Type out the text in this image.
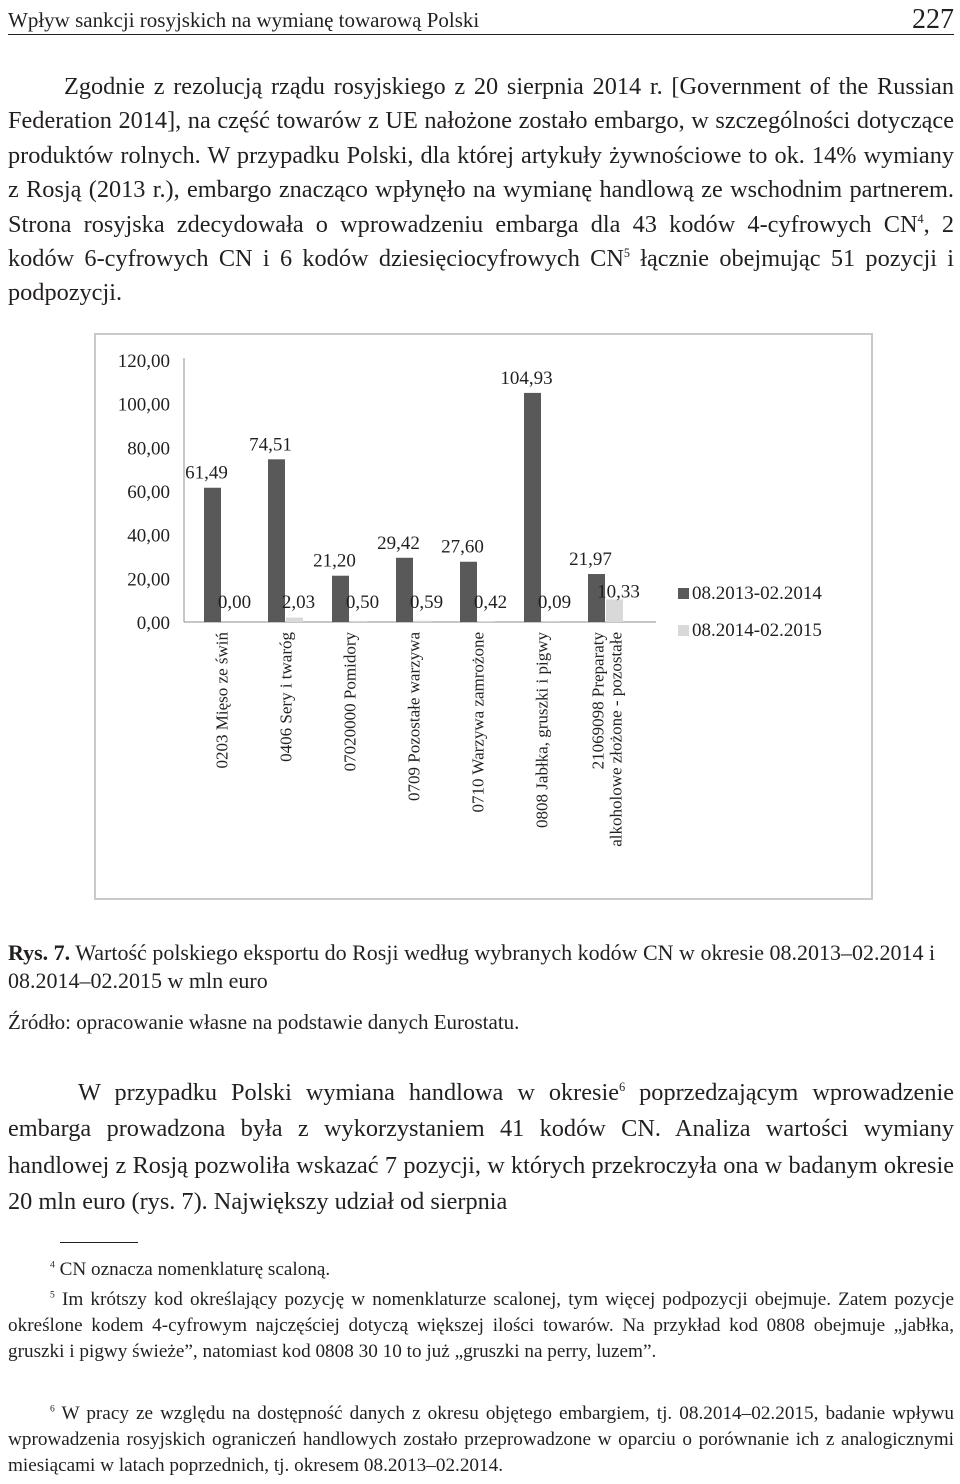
Wpływ sankcji rosyjskich na wymianę towarową Polski	227
Zgodnie z rezolucją rządu rosyjskiego z 20 sierpnia 2014 r. [Government of the Russian Federation 2014], na część towarów z UE nałożone zostało embargo, w szczególności dotyczące produktów rolnych. W przypadku Polski, dla której artykuły żywnościowe to ok. 14% wymiany z Rosją (2013 r.), embargo znacząco wpłynęło na wymianę handlową ze wschodnim partnerem. Strona rosyjska zdecydowała o wprowadzeniu embarga dla 43 kodów 4-cyfrowych $CN^4$, 2 kodów 6-cyfrowych CN i 6 kodów dziesięciocyfrowych $CN^5$ łącznie obejmując 51 pozycji i podpozycji.
0,00
20,00
40,00
60,00
80,00
100,00
120,00
61,49
0,00
0203 Mięso ze świń
74,51
2,03
0406 Sery i twaróg
21,20
0,50
07020000 Pomidory
29,42
0,59
0709 Pozostałe warzywa
27,60
0,42
0710 Warzywa zamrożone
104,93
0,09
0808 Jabłka, gruszki i pigwy
21,97
10,33
21069098 Preparaty alkoholowe złożone - pozostałe
08.2013-02.2014
08.2014-02.2015
Rys. 7. Wartość polskiego eksportu do Rosji według wybranych kodów CN w okresie 08.2013–02.2014 i 08.2014–02.2015 w mln euro
Źródło: opracowanie własne na podstawie danych Eurostatu.
W przypadku Polski wymiana handlowa w okresie$^6$ poprzedzającym wprowadzenie embarga prowadzona była z wykorzystaniem 41 kodów CN. Analiza wartości wymiany handlowej z Rosją pozwoliła wskazać 7 pozycji, w których przekroczyła ona w badanym okresie 20 mln euro (rys. 7). Największy udział od sierpnia
$^4$ CN oznacza nomenklaturę scaloną.
$^5$ Im krótszy kod określający pozycję w nomenklaturze scalonej, tym więcej podpozycji obejmuje. Zatem pozycje określone kodem 4-cyfrowym najczęściej dotyczą większej ilości towarów. Na przykład kod 0808 obejmuje „jabłka, gruszki i pigwy świeże”, natomiast kod 0808 30 10 to już „gruszki na perry, luzem”.
$^6$ W pracy ze względu na dostępność danych z okresu objętego embargiem, tj. 08.2014–02.2015, badanie wpływu wprowadzenia rosyjskich ograniczeń handlowych zostało przeprowadzone w oparciu o porównanie ich z analogicznymi miesiącami w latach poprzednich, tj. okresem 08.2013–02.2014.
